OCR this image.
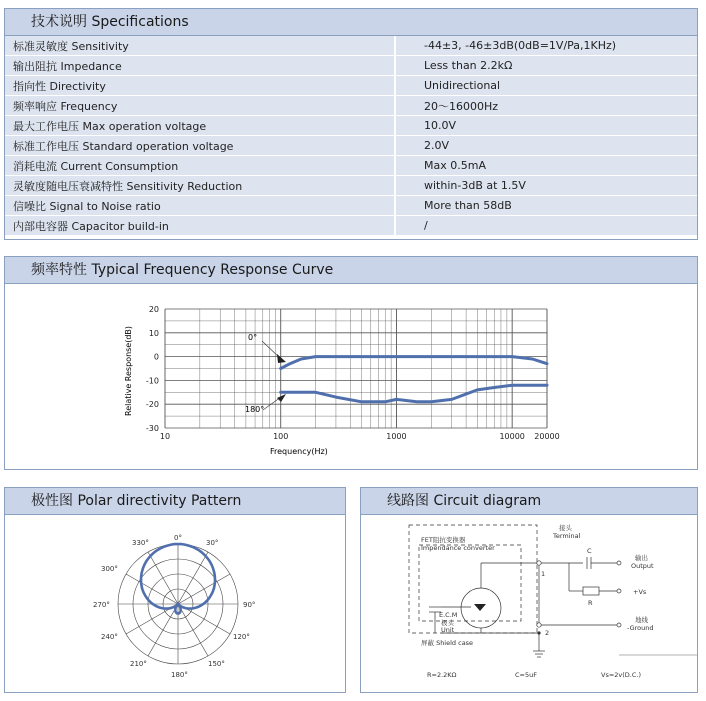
技术说明 Specifications
标准灵敏度 Sensitivity	-44±3, -46±3dB(0dB=1V/Pa,1KHz)
输出阻抗 Impedance	Less than 2.2kΩ
指向性 Directivity	Unidirectional
频率响应 Frequency	20～16000Hz
最大工作电压 Max operation voltage	10.0V
标准工作电压 Standard operation voltage	2.0V
消耗电流 Current Consumption	Max 0.5mA
灵敏度随电压衰减特性 Sensitivity Reduction	within-3dB at 1.5V
信噪比 Signal to Noise ratio	More than 58dB
内部电容器 Capacitor build-in	/
频率特性 Typical Frequency Response Curve
20
10
0
-10
-20
-30
10	100	1000	10000 20000
Frequency(Hz)
Relative Response(dB)	0°
180°
极性图 Polar directivity Pattern
0°
30°
90°
120°
150°
180°
210°
240°
270°
300°
330°
线路图 Circuit diagram
FET阻抗变换器
Impendance converter
接头
Terminal
E.C.M
极头
Unit
屏蔽 Shield case
C
R
输出
Output
+Vs
地线
-Ground
1
2
R=2.2KΩ	C=5uF	Vs=2v(D.C.)
